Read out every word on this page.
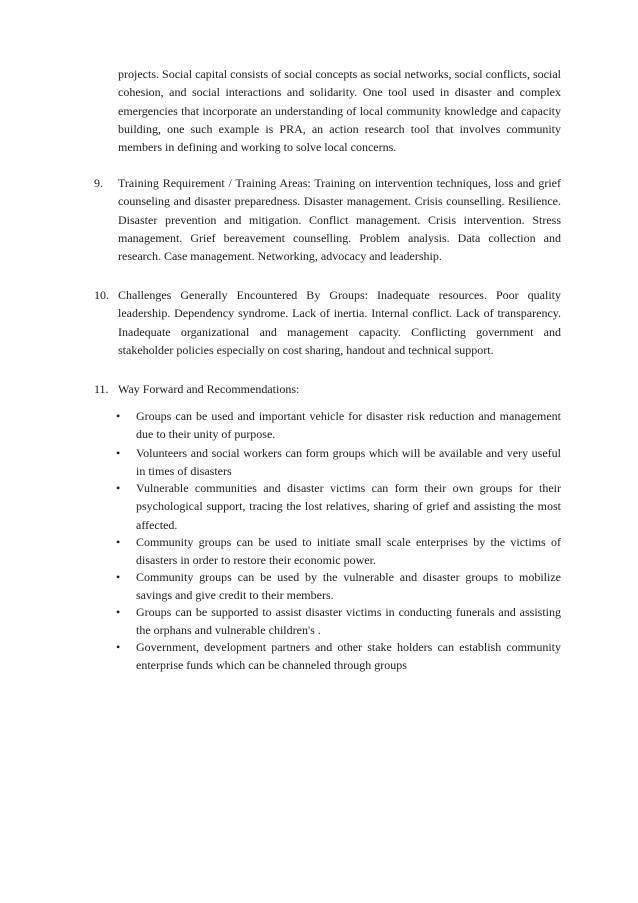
projects. Social capital consists of social concepts as social networks, social conflicts, social cohesion, and social interactions and solidarity. One tool used in disaster and complex emergencies that incorporate an understanding of local community knowledge and capacity building, one such example is PRA, an action research tool that involves community members in defining and working to solve local concerns.

9. Training Requirement / Training Areas: Training on intervention techniques, loss and grief counseling and disaster preparedness. Disaster management. Crisis counselling. Resilience. Disaster prevention and mitigation. Conflict management. Crisis intervention. Stress management. Grief bereavement counselling. Problem analysis. Data collection and research. Case management. Networking, advocacy and leadership.

10. Challenges Generally Encountered By Groups: Inadequate resources. Poor quality leadership. Dependency syndrome. Lack of inertia. Internal conflict. Lack of transparency. Inadequate organizational and management capacity. Conflicting government and stakeholder policies especially on cost sharing, handout and technical support.

11. Way Forward and Recommendations:

• Groups can be used and important vehicle for disaster risk reduction and management due to their unity of purpose.

• Volunteers and social workers can form groups which will be available and very useful in times of disasters

• Vulnerable communities and disaster victims can form their own groups for their psychological support, tracing the lost relatives, sharing of grief and assisting the most affected.

• Community groups can be used to initiate small scale enterprises by the victims of disasters in order to restore their economic power.

• Community groups can be used by the vulnerable and disaster groups to mobilize savings and give credit to their members.

• Groups can be supported to assist disaster victims in conducting funerals and assisting the orphans and vulnerable children's .

• Government, development partners and other stake holders can establish community enterprise funds which can be channeled through groups
